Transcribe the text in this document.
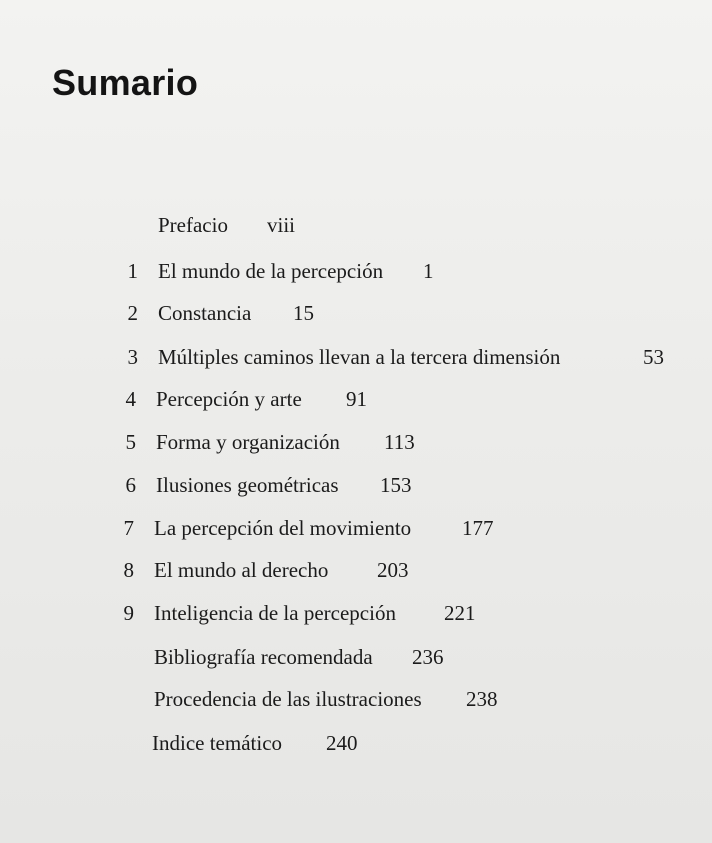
Sumario
Prefacio viii
1 El mundo de la percepción 1
2 Constancia 15
3 Múltiples caminos llevan a la tercera dimensión	53
4 Percepción y arte 91
5 Forma y organización 113
6 Ilusiones geométricas 153
7 La percepción del movimiento 177
8 El mundo al derecho 203
9 Inteligencia de la percepción 221
Bibliografía recomendada 236
Procedencia de las ilustraciones 238
Indice temático 240
